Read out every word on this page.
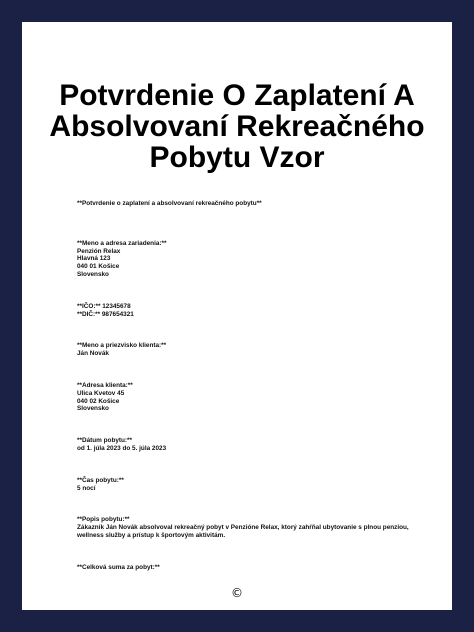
Potvrdenie O Zaplatení A Absolvovaní Rekreačného Pobytu Vzor
**Potvrdenie o zaplatení a absolvovaní rekreačného pobytu**
**Meno a adresa zariadenia:**
Penzión Relax
Hlavná 123
040 01 Košice
Slovensko
**IČO:** 12345678
**DIČ:** 987654321
**Meno a priezvisko klienta:**
Ján Novák
**Adresa klienta:**
Ulica Kvetov 45
040 02 Košice
Slovensko
**Dátum pobytu:**
od 1. júla 2023 do 5. júla 2023
**Čas pobytu:**
5 nocí
**Popis pobytu:**
Zákazník Ján Novák absolvoval rekreačný pobyt v Penzióne Relax, ktorý zahŕňal ubytovanie s plnou penziou, wellness služby a prístup k športovým aktivitám.
**Celková suma za pobyt:**
©
